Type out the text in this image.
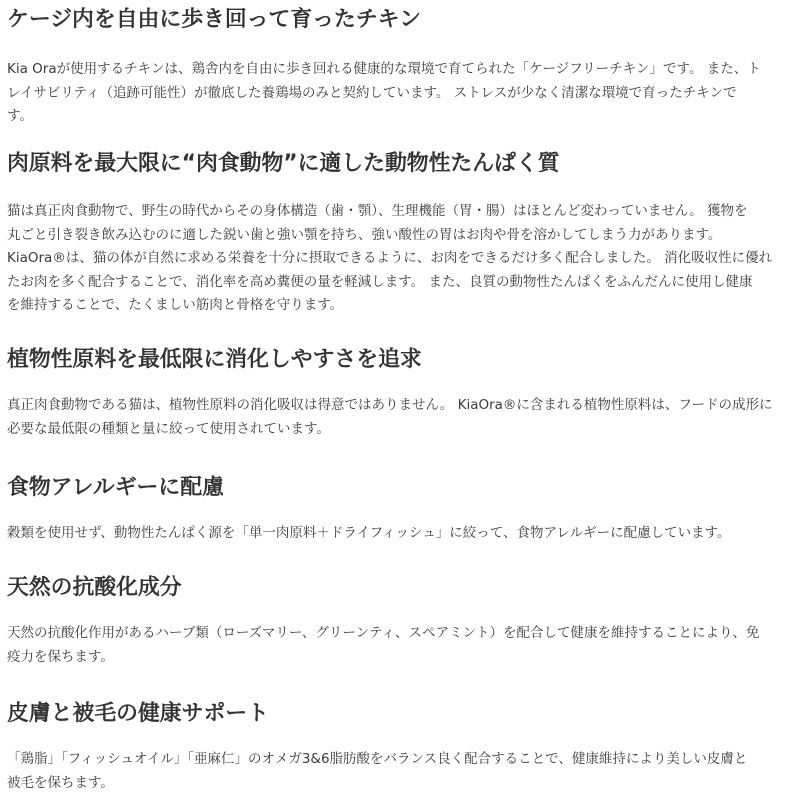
ケージ内を自由に歩き回って育ったチキン

Kia Oraが使用するチキンは、鶏舎内を自由に歩き回れる健康的な環境で育てられた「ケージフリーチキン」です。 また、ト
レイサビリティ（追跡可能性）が徹底した養鶏場のみと契約しています。 ストレスが少なく清潔な環境で育ったチキンで
す。

肉原料を最大限に“肉食動物”に適した動物性たんぱく質

猫は真正肉食動物で、野生の時代からその身体構造（歯・顎）、生理機能（胃・腸）はほとんど変わっていません。 獲物を
丸ごと引き裂き飲み込むのに適した鋭い歯と強い顎を持ち、強い酸性の胃はお肉や骨を溶かしてしまう力があります。
KiaOra®は、猫の体が自然に求める栄養を十分に摂取できるように、お肉をできるだけ多く配合しました。 消化吸収性に優れ
たお肉を多く配合することで、消化率を高め糞便の量を軽減します。 また、良質の動物性たんぱくをふんだんに使用し健康
を維持することで、たくましい筋肉と骨格を守ります。

植物性原料を最低限に消化しやすさを追求

真正肉食動物である猫は、植物性原料の消化吸収は得意ではありません。 KiaOra®に含まれる植物性原料は、フードの成形に
必要な最低限の種類と量に絞って使用されています。

食物アレルギーに配慮

穀類を使用せず、動物性たんぱく源を「単一肉原料＋ドライフィッシュ」に絞って、食物アレルギーに配慮しています。

天然の抗酸化成分

天然の抗酸化作用があるハーブ類（ローズマリー、グリーンティ、スペアミント）を配合して健康を維持することにより、免
疫力を保ちます。

皮膚と被毛の健康サポート

「鶏脂」「フィッシュオイル」「亜麻仁」のオメガ3&6脂肪酸をバランス良く配合することで、健康維持により美しい皮膚と
被毛を保ちます。
